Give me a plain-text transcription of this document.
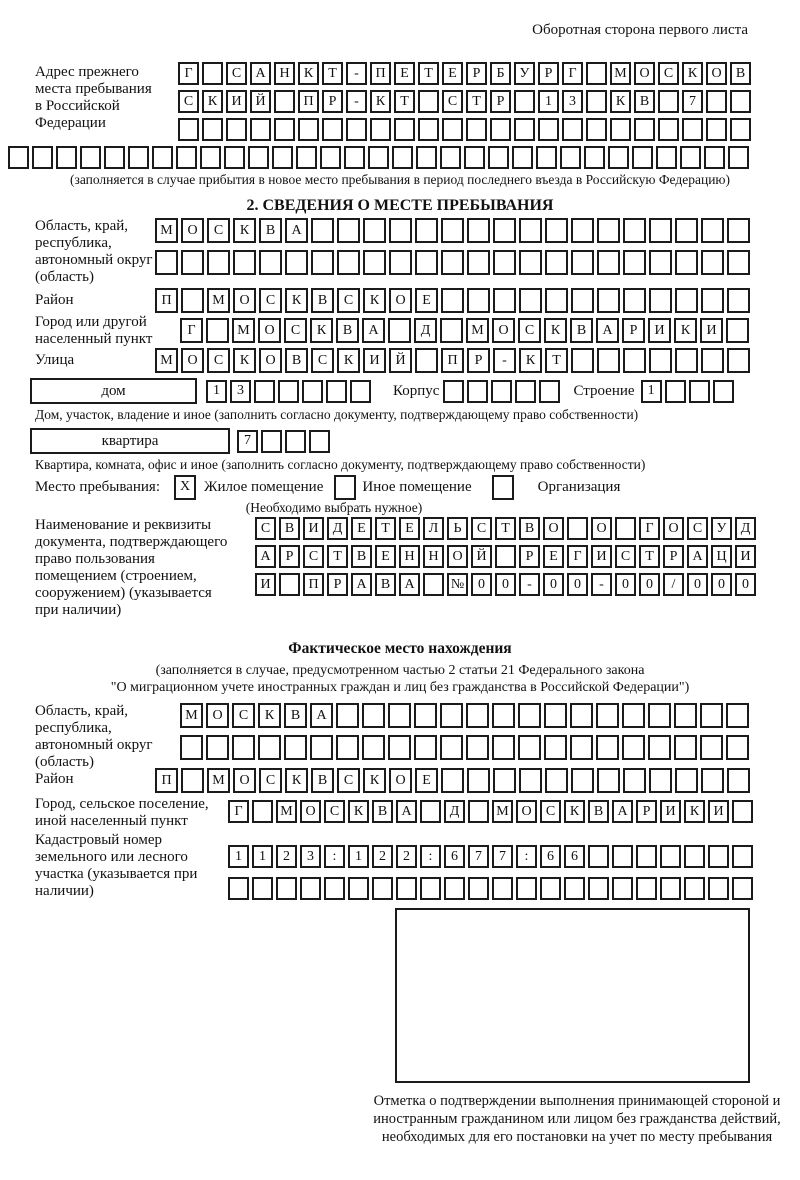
Оборотная сторона первого листа
Адрес прежнего места пребывания в Российской Федерации
Г	С	А Н	К	Т	-	П	Е	Т	Е	Р	Б	У	Р	Г	М О	С	К	О	В
С	К	И Й	П	Р	-	К	Т	С	Т	Р	1	3	К	В	7
(заполняется в случае прибытия в новое место пребывания в период последнего въезда в Российскую Федерацию)
2. СВЕДЕНИЯ О МЕСТЕ ПРЕБЫВАНИЯ
Область, край, республика, автономный округ (область)
М	О	С	К	В	А
Район	П	М	О	С	К	В	С	К	О	Е
Город или другой населенный пункт
Г	М	О	С	К	В	А	Д	М	О	С	К	В	А	Р	И	К	И
Улица	М	О	С	К	О	В	С	К	И	Й	П	Р	-	К	Т
дом	1	3	Корпус	Строение 1
Дом, участок, владение и иное (заполнить согласно документу, подтверждающему право собственности)
квартира	7
Квартира, комната, офис и иное (заполнить согласно документу, подтверждающему право собственности)
Место пребывания:	X Жилое помещение	Иное помещение	Организация
(Необходимо выбрать нужное)
Наименование и реквизиты документа, подтверждающего право пользования помещением (строением, сооружением) (указывается при наличии)
С	В	И	Д	Е	Т	Е	Л	Ь	С	Т	В	О	О	Г	О	С	У	Д
А	Р	С	Т	В	Е	Н Н О Й	Р	Е	Г	И	С	Т	Р	А Ц И
И	П	Р	А	В	А	№ 0	0	-	0	0	-	0	0	/	0	0	0
Фактическое место нахождения
(заполняется в случае, предусмотренном частью 2 статьи 21 Федерального закона
"О миграционном учете иностранных граждан и лиц без гражданства в Российской Федерации")
Область, край, республика, автономный округ (область)
М	О	С	К	В	А
Район	П	М	О	С	К	В	С	К	О	Е
Город, сельское поселение, иной населенный пункт
Г	М О	С	К	В	А	Д	М О	С	К	В	А	Р	И	К	И
Кадастровый номер земельного или лесного участка (указывается при наличии)
1	1	2	3	:	1	2	2	:	6	7	7	:	6	6
Отметка о подтверждении выполнения принимающей стороной и иностранным гражданином или лицом без гражданства действий, необходимых для его постановки на учет по месту пребывания
